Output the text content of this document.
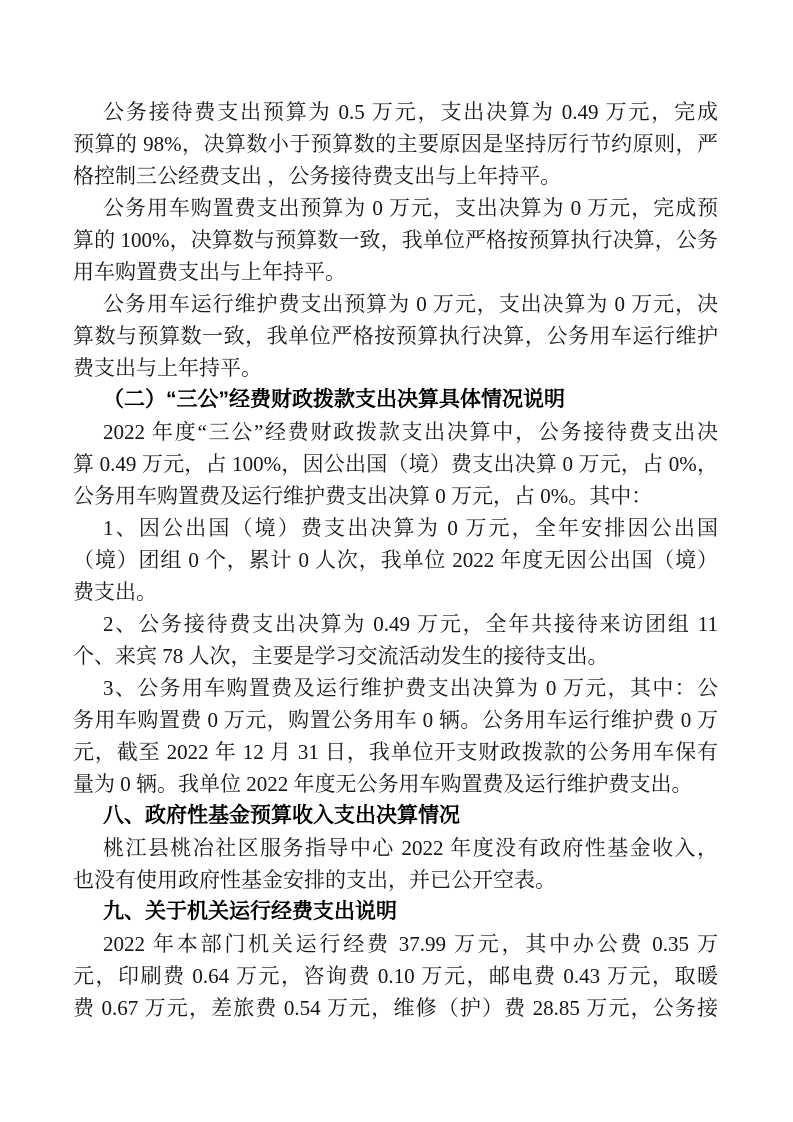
公务接待费支出预算为 0.5 万元，支出决算为 0.49 万元，完成
预算的 98%，决算数小于预算数的主要原因是坚持厉行节约原则，严
格控制三公经费支出 ，公务接待费支出与上年持平。
公务用车购置费支出预算为 0 万元，支出决算为 0 万元，完成预
算的 100%，决算数与预算数一致，我单位严格按预算执行决算，公务
用车购置费支出与上年持平。
公务用车运行维护费支出预算为 0 万元，支出决算为 0 万元，决
算数与预算数一致，我单位严格按预算执行决算，公务用车运行维护
费支出与上年持平。
（二）“三公”经费财政拨款支出决算具体情况说明
2022 年度“三公”经费财政拨款支出决算中，公务接待费支出决
算 0.49 万元，占 100%，因公出国（境）费支出决算 0 万元，占 0%，
公务用车购置费及运行维护费支出决算 0 万元，占 0%。其中：
1、因公出国（境）费支出决算为 0 万元，全年安排因公出国
（境）团组 0 个，累计 0 人次，我单位 2022 年度无因公出国（境）
费支出。
2、公务接待费支出决算为 0.49 万元，全年共接待来访团组 11
个、来宾 78 人次，主要是学习交流活动发生的接待支出。
3、公务用车购置费及运行维护费支出决算为 0 万元，其中：公
务用车购置费 0 万元，购置公务用车 0 辆。公务用车运行维护费 0 万
元，截至 2022 年 12 月 31 日，我单位开支财政拨款的公务用车保有
量为 0 辆。我单位 2022 年度无公务用车购置费及运行维护费支出。
八、政府性基金预算收入支出决算情况
桃江县桃冶社区服务指导中心 2022 年度没有政府性基金收入，
也没有使用政府性基金安排的支出，并已公开空表。
九、关于机关运行经费支出说明
2022 年本部门机关运行经费 37.99 万元，其中办公费 0.35 万
元，印刷费 0.64 万元，咨询费 0.10 万元，邮电费 0.43 万元，取暖
费 0.67 万元，差旅费 0.54 万元，维修（护）费 28.85 万元，公务接
